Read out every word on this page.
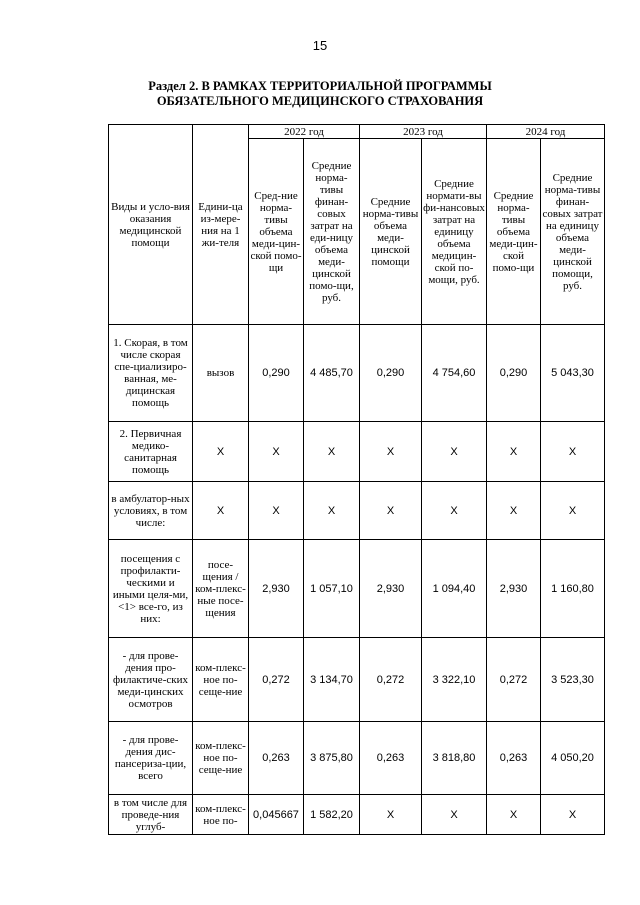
15
Раздел 2. В РАМКАХ ТЕРРИТОРИАЛЬНОЙ ПРОГРАММЫ
ОБЯЗАТЕЛЬНОГО МЕДИЦИНСКОГО СТРАХОВАНИЯ
Виды и усло-вия оказания медицинской помощи	Едини-ца из-мере-ния на 1 жи-теля	2022 год		2023 год		2024 год	
		Сред-ние норма-тивы объема меди-цин-ской помо-щи	Средние норма-тивы финан-совых затрат на еди-ницу объема меди-цинской помо-щи, руб.	Средние норма-тивы объема меди-цинской помощи	Средние нормати-вы фи-нансовых затрат на единицу объема медицин-ской по-мощи, руб.	Средние норма-тивы объема меди-цин-ской помо-щи	Средние норма-тивы финан-совых затрат на единицу объема меди-цинской помощи, руб.
1. Скорая, в том числе скорая спе-циализиро-ванная, ме-дицинская помощь	вызов	0,290	4 485,70	0,290	4 754,60	0,290	5 043,30
2. Первичная медико-санитарная помощь	Х	Х	Х	Х	Х	Х	Х
в амбулатор-ных условиях, в том числе:	Х	Х	Х	Х	Х	Х	Х
посещения с профилакти-ческими и иными целя-ми, <1> все-го, из них:	посе-щения / ком-плекс-ные посе-щения	2,930	1 057,10	2,930	1 094,40	2,930	1 160,80
- для прове-дения про-филактиче-ских меди-цинских осмотров	ком-плекс-ное по-сеще-ние	0,272	3 134,70	0,272	3 322,10	0,272	3 523,30
- для прове-дения дис-пансериза-ции, всего	ком-плекс-ное по-сеще-ние	0,263	3 875,80	0,263	3 818,80	0,263	4 050,20
в том числе для проведе-ния углуб-	ком-плекс-ное по-	0,045667	1 582,20	Х	Х	Х	Х
